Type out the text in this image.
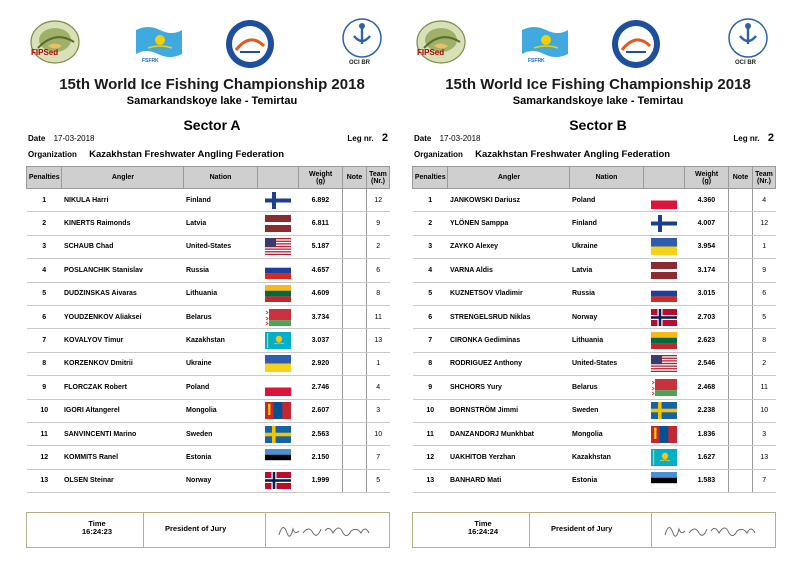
FIPSed
FSFRK	OCI BR
15th World Ice Fishing Championship 2018
Samarkandskoye lake - Temirtau
Sector A
Date 17-03-2018	Leg nr. 2
Organization Kazakhstan Freshwater Angling Federation
Penalties	Angler	Nation		Weight
(g)	Note	Team
(Nr.)
1	NIKULA Harri	Finland		6.892		12
2	KINERTS Raimonds	Latvia		6.811		9
3	SCHAUB Chad	United-States		5.187		2
4	POSLANCHIK Stanislav	Russia		4.657		6
5	DUDZINSKAS Aivaras	Lithuania		4.609		8
6	YOUDZENKOV Aliaksei	Belarus		3.734		11
7	KOVALYOV Timur	Kazakhstan		3.037		13
8	KORZENKOV Dmitrii	Ukraine		2.920		1
9	FLORCZAK Robert	Poland		2.746		4
10	IGORI Altangerel	Mongolia		2.607		3
11	SANVINCENTI Marino	Sweden		2.563		10
12	KOMMITS Ranel	Estonia		2.150		7
13	OLSEN Steinar	Norway		1.999		5
Time
16:24:23	President of Jury
FIPSed
FSFRK	OCI BR
15th World Ice Fishing Championship 2018
Samarkandskoye lake - Temirtau
Sector B
Date 17-03-2018	Leg nr. 2
Organization Kazakhstan Freshwater Angling Federation
Penalties	Angler	Nation		Weight
(g)	Note	Team
(Nr.)
1	JANKOWSKI Dariusz	Poland		4.360		4
2	YLÖNEN Samppa	Finland		4.007		12
3	ZAYKO Alexey	Ukraine		3.954		1
4	VARNA Aldis	Latvia		3.174		9
5	KUZNETSOV Vladimir	Russia		3.015		6
6	STRENGELSRUD Niklas	Norway		2.703		5
7	CIRONKA Gediminas	Lithuania		2.623		8
8	RODRIGUEZ Anthony	United-States		2.546		2
9	SHCHORS Yury	Belarus		2.468		11
10	BORNSTRÖM Jimmi	Sweden		2.238		10
11	DANZANDORJ Munkhbat	Mongolia		1.836		3
12	UAKHITOB Yerzhan	Kazakhstan		1.627		13
13	BANHARD Mati	Estonia		1.583		7
Time
16:24:24	President of Jury
